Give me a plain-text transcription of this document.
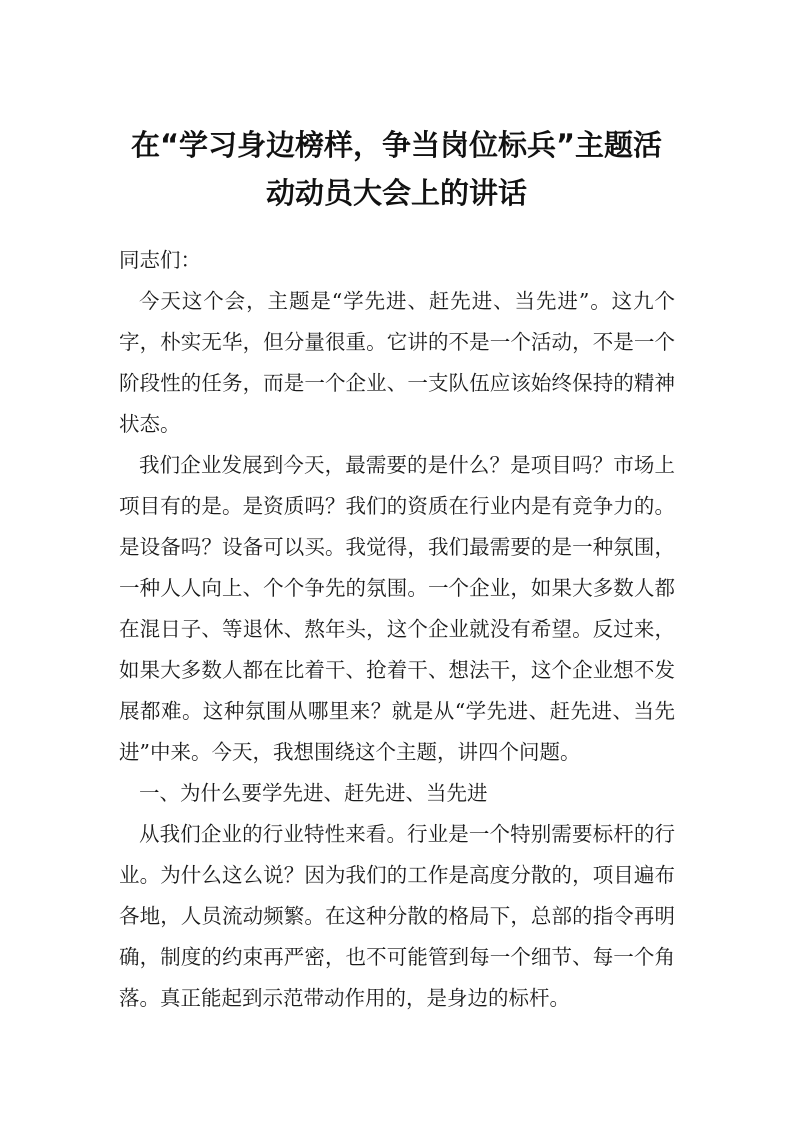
在“学习身边榜样，争当岗位标兵”主题活
动动员大会上的讲话

同志们：

今天这个会，主题是“学先进、赶先进、当先进”。这九个字，朴实无华，但分量很重。它讲的不是一个活动，不是一个阶段性的任务，而是一个企业、一支队伍应该始终保持的精神状态。

我们企业发展到今天，最需要的是什么？是项目吗？市场上项目有的是。是资质吗？我们的资质在行业内是有竞争力的。是设备吗？设备可以买。我觉得，我们最需要的是一种氛围，一种人人向上、个个争先的氛围。一个企业，如果大多数人都在混日子、等退休、熬年头，这个企业就没有希望。反过来，如果大多数人都在比着干、抢着干、想法干，这个企业想不发展都难。这种氛围从哪里来？就是从“学先进、赶先进、当先进”中来。今天，我想围绕这个主题，讲四个问题。

一、为什么要学先进、赶先进、当先进

从我们企业的行业特性来看。行业是一个特别需要标杆的行业。为什么这么说？因为我们的工作是高度分散的，项目遍布各地，人员流动频繁。在这种分散的格局下，总部的指令再明确，制度的约束再严密，也不可能管到每一个细节、每一个角落。真正能起到示范带动作用的，是身边的标杆。
